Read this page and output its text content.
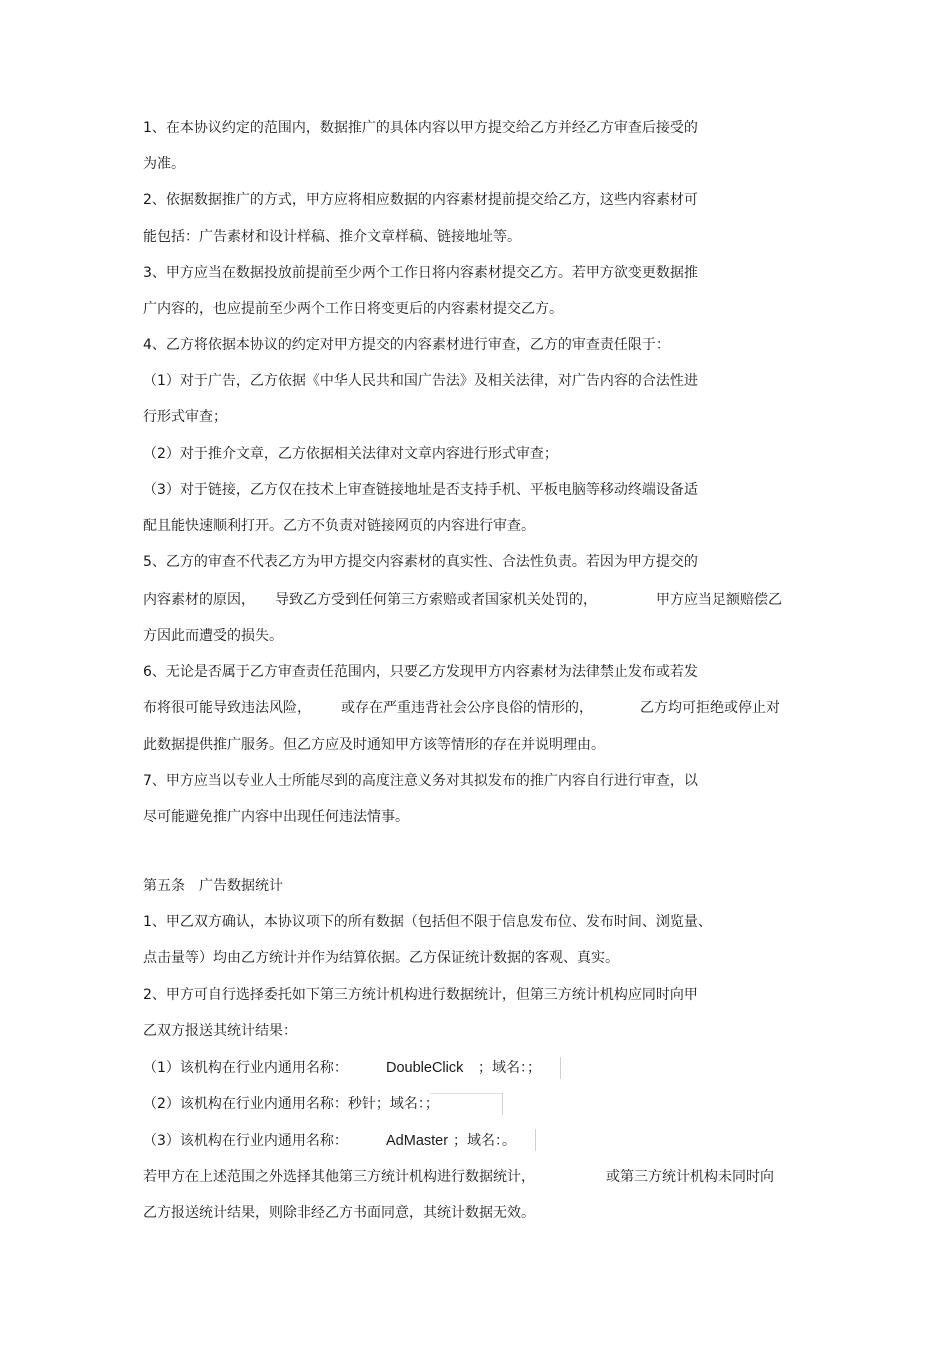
1、在本协议约定的范围内，数据推广的具体内容以甲方提交给乙方并经乙方审查后接受的
为准。
2、依据数据推广的方式，甲方应将相应数据的内容素材提前提交给乙方，这些内容素材可
能包括：广告素材和设计样稿、推介文章样稿、链接地址等。
3、甲方应当在数据投放前提前至少两个工作日将内容素材提交乙方。若甲方欲变更数据推
广内容的，也应提前至少两个工作日将变更后的内容素材提交乙方。
4、乙方将依据本协议的约定对甲方提交的内容素材进行审查，乙方的审查责任限于：
（1）对于广告，乙方依据《中华人民共和国广告法》及相关法律，对广告内容的合法性进
行形式审查；
（2）对于推介文章，乙方依据相关法律对文章内容进行形式审查；
（3）对于链接，乙方仅在技术上审查链接地址是否支持手机、平板电脑等移动终端设备适
配且能快速顺利打开。乙方不负责对链接网页的内容进行审查。
5、乙方的审查不代表乙方为甲方提交内容素材的真实性、合法性负责。若因为甲方提交的
内容素材的原因， 导致乙方受到任何第三方索赔或者国家机关处罚的，	甲方应当足额赔偿乙
方因此而遭受的损失。
6、无论是否属于乙方审查责任范围内，只要乙方发现甲方内容素材为法律禁止发布或若发
布将很可能导致违法风险， 或存在严重违背社会公序良俗的情形的，	乙方均可拒绝或停止对
此数据提供推广服务。但乙方应及时通知甲方该等情形的存在并说明理由。
7、甲方应当以专业人士所能尽到的高度注意义务对其拟发布的推广内容自行进行审查，以
尽可能避免推广内容中出现任何违法情事。
第五条　广告数据统计
1、甲乙双方确认，本协议项下的所有数据（包括但不限于信息发布位、发布时间、浏览量、
点击量等）均由乙方统计并作为结算依据。乙方保证统计数据的客观、真实。
2、甲方可自行选择委托如下第三方统计机构进行数据统计，但第三方统计机构应同时向甲
乙双方报送其统计结果：
（1）该机构在行业内通用名称：	DoubleClick ；域名：；
（2）该机构在行业内通用名称：秒针；域名：；
（3）该机构在行业内通用名称：	AdMaster ；域名：。
若甲方在上述范围之外选择其他第三方统计机构进行数据统计，	或第三方统计机构未同时向
乙方报送统计结果，则除非经乙方书面同意，其统计数据无效。
